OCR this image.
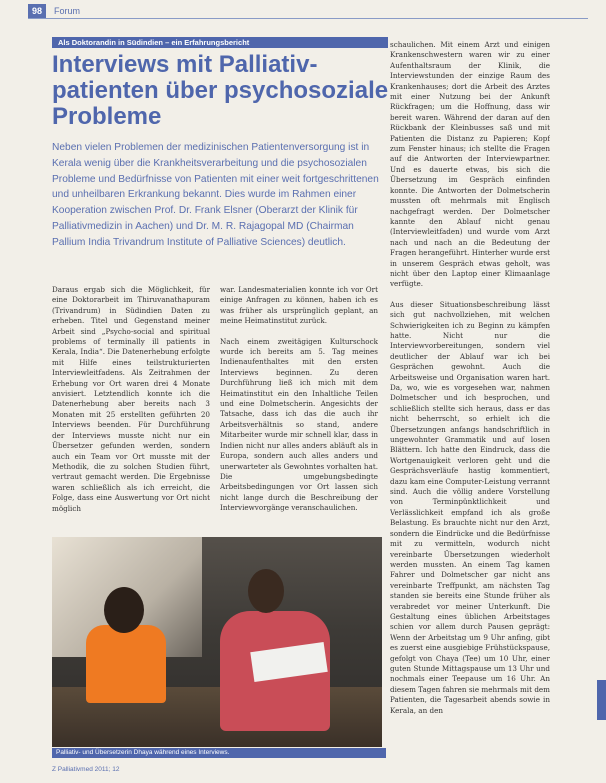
98	Forum
Als Doktorandin in Südindien – ein Erfahrungsbericht
Interviews mit Palliativ- patienten über psychosoziale Probleme

Neben vielen Problemen der medizinischen Patientenversorgung ist in Kerala wenig über die Krankheitsverarbeitung und die psychosozialen Probleme und Bedürfnisse von Patienten mit einer weit fortgeschrittenen und unheilbaren Erkrankung bekannt. Dies wurde im Rahmen einer Kooperation zwischen Prof. Dr. Frank Elsner (Oberarzt der Klinik für Palliativmedizin in Aachen) und Dr. M. R. Rajagopal MD (Chairman Pallium India Trivandrum Institute of Palliative Sciences) deutlich.

Daraus ergab sich die Möglichkeit, für eine Doktorarbeit im Thiruvanathapuram (Trivandrum) in Südindien Daten zu erheben. Titel und Gegenstand meiner Arbeit sind „Psycho-social and spiritual problems of terminally ill patients in Kerala, India“. Die Datenerhebung erfolgte mit Hilfe eines teilstrukturierten Interviewleitfadens. Als Zeitrahmen der Erhebung vor Ort waren drei 4 Monate anvisiert. Letztendlich konnte ich die Datenerhebung aber bereits nach 3 Monaten mit 25 erstellten geführten 20 Interviews beenden. Für Durchführung der Interviews musste nicht nur ein Übersetzer gefunden werden, sondern auch ein Team vor Ort musste mit der Methodik, die zu solchen Studien führt, vertraut gemacht werden. Die Ergebnisse waren schließlich als ich erreicht, die Folge, dass eine Auswertung vor Ort nicht möglich

war. Landesmaterialien konnte ich vor Ort einige Anfragen zu können, haben ich es was früher als ursprünglich geplant, an meine Heimatinstitut zurück.

Nach einem zweitägigen Kulturschock wurde ich bereits am 5. Tag meines Indienaufenthaltes mit den ersten Interviews beginnen. Zu deren Durchführung ließ ich mich mit dem Heimatinstitut ein den Inhaltliche Teilen und eine Dolmetscherin. Angesichts der Tatsache, dass ich das die auch ihr Arbeitsverhältnis so stand, andere Mitarbeiter wurde mir schnell klar, dass in Indien nicht nur alles anders abläuft als in Europa, sondern auch alles anders und unerwarteter als Gewohntes vorhalten hat. Die umgebungsbedingte Arbeitsbedingungen vor Ort lassen sich nicht lange durch die Beschreibung der Interviewvorgänge veranschaulichen.

schaulichen. Mit einem Arzt und einigen Krankenschwestern waren wir zu einer Aufenthaltsraum der Klinik, die Interviewstunden der einzige Raum des Krankenhauses; dort die Arbeit des Arztes mit einer Nutzung bei der Ankunft Rückfragen; um die Hoffnung, dass wir bereit waren. Während der daran auf den Rückbank der Kleinbusses saß und mit Patienten die Distanz zu Papieren; Kopf zum Fenster hinaus; ich stellte die Fragen auf die Antworten der Interviewpartner. Und es dauerte etwas, bis sich die Übersetzung im Gespräch einfinden konnte. Die Antworten der Dolmetscherin mussten oft mehrmals mit Englisch nachgefragt werden. Der Dolmetscher kannte den Ablauf nicht genau (Interviewleitfaden) und wurde vom Arzt nach und nach an die Bedeutung der Fragen herangeführt. Hinterher wurde erst in unserem Gespräch etwas geholt, was nicht über den Laptop einer Klimaanlage verfügte.

Aus dieser Situationsbeschreibung lässt sich gut nachvollziehen, mit welchen Schwierigkeiten ich zu Beginn zu kämpfen hatte. Nicht nur die Interviewvorbereitungen, sondern viel deutlicher der Ablauf war ich bei Gesprächen gewohnt. Auch die Arbeitsweise und Organisation waren hart. Da, wo, wie es vorgesehen war, nahmen Dolmetscher und ich besprochen, und schließlich stellte sich heraus, dass er das nicht beherrscht, so erhielt ich die Übersetzungen anfangs handschriftlich in ungewohnter Grammatik und auf losen Blättern. Ich hatte den Eindruck, dass die Wortgenauigkeit verloren geht und die Gesprächsverläufe hastig kommentiert, dazu kam eine Computer-Leistung verrannt sind. Auch die völlig andere Vorstellung von Terminpünktlichkeit und Verlässlichkeit empfand ich als große Belastung. Es brauchte nicht nur den Arzt, sondern die Eindrücke und die Bedürfnisse mit zu vermitteln, wodurch nicht vereinbarte Übersetzungen wiederholt werden mussten. An einem Tag kamen Fahrer und Dolmetscher gar nicht ans vereinbarte Treffpunkt, am nächsten Tag standen sie bereits eine Stunde früher als verabredet vor meiner Unterkunft. Die Gestaltung eines üblichen Arbeitstages schien vor allem durch Pausen geprägt: Wenn der Arbeitstag um 9 Uhr anfing, gibt es zuerst eine ausgiebige Frühstückspause, gefolgt von Chaya (Tee) um 10 Uhr, einer guten Stunde Mittagspause um 13 Uhr und nochmals einer Teepause um 16 Uhr. An diesem Tagen fahren sie mehrmals mit dem Patienten, die Tagesarbeit abends sowie in Kerala, an den

Palliativ- und Übersetzerin Dhaya während eines Interviews.
Z Palliativmed 2011; 12
